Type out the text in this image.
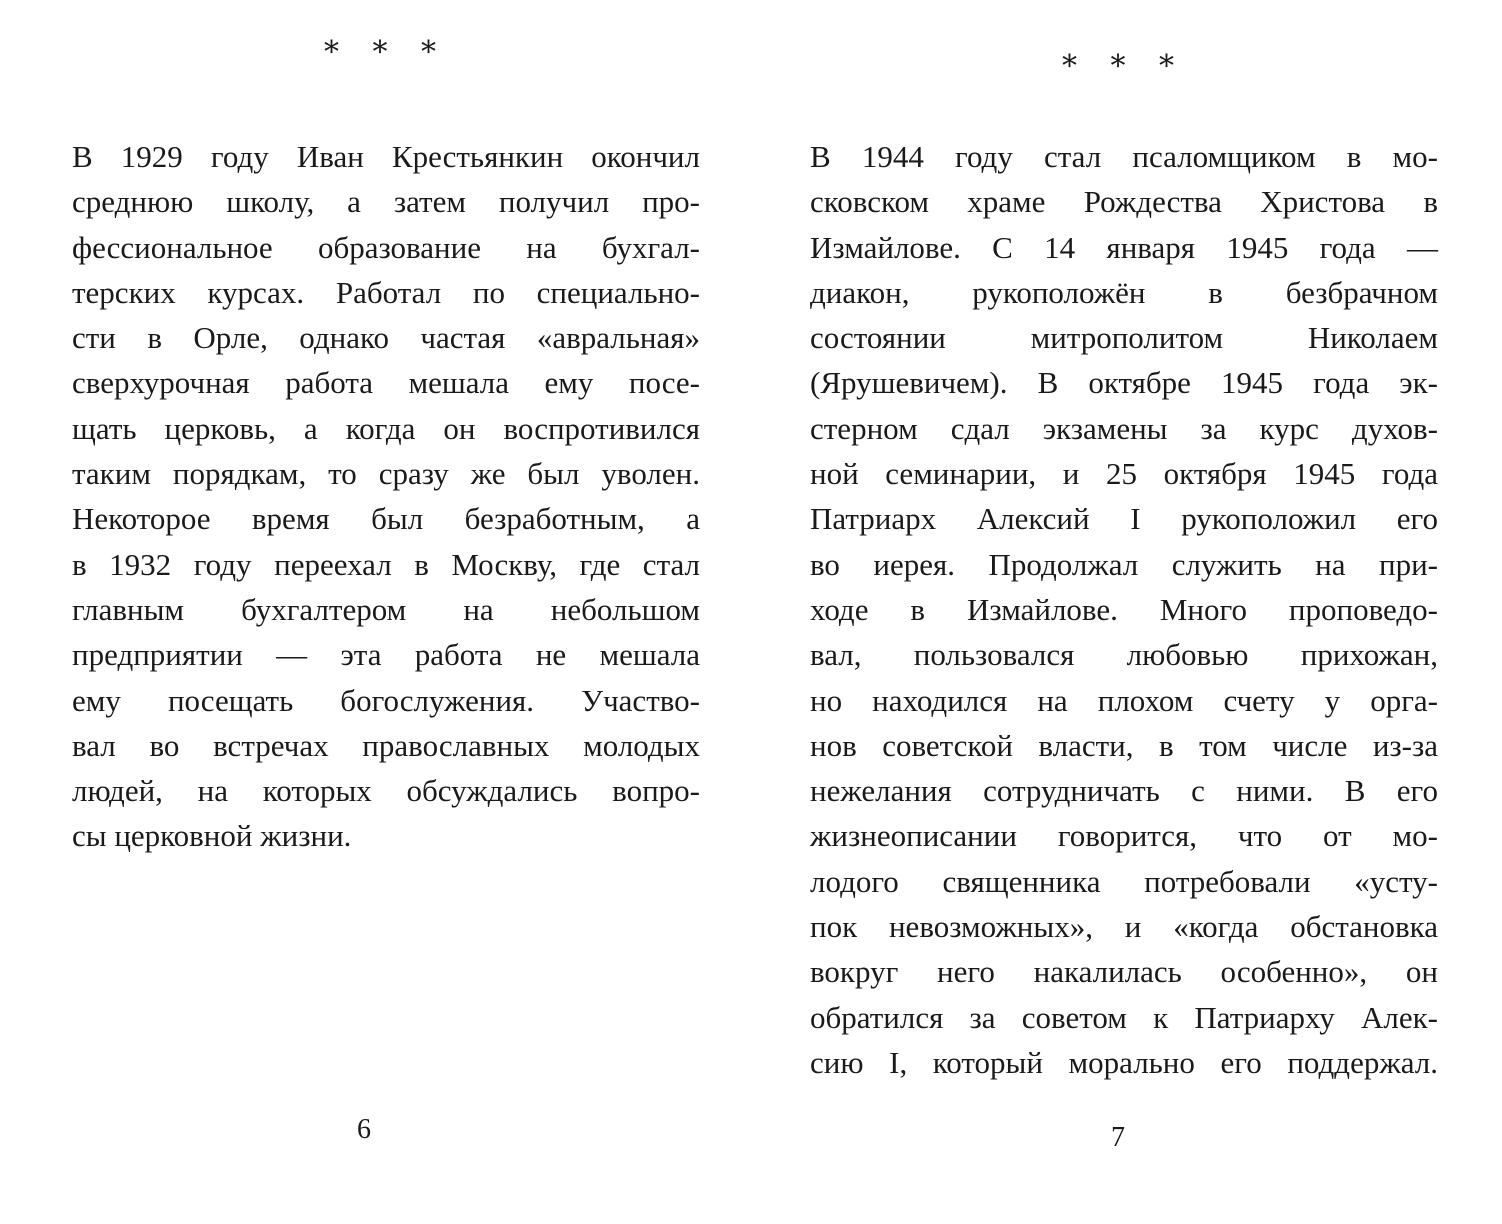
* * *
В 1929 году Иван Крестьянкин окончил
среднюю школу, а затем получил про-
фессиональное образование на бухгал-
терских курсах. Работал по специально-
сти в Орле, однако частая «авральная»
сверхурочная работа мешала ему посе-
щать церковь, а когда он воспротивился
таким порядкам, то сразу же был уволен.
Некоторое время был безработным, а
в 1932 году переехал в Москву, где стал
главным бухгалтером на небольшом
предприятии — эта работа не мешала
ему посещать богослужения. Участво-
вал во встречах православных молодых
людей, на которых обсуждались вопро-
сы церковной жизни.
6
* * *
В 1944 году стал псаломщиком в мо-
сковском храме Рождества Христова в
Измайлове. С 14 января 1945 года —
диакон, рукоположён в безбрачном
состоянии митрополитом Николаем
(Ярушевичем). В октябре 1945 года эк-
стерном сдал экзамены за курс духов-
ной семинарии, и 25 октября 1945 года
Патриарх Алексий I рукоположил его
во иерея. Продолжал служить на при-
ходе в Измайлове. Много проповедо-
вал, пользовался любовью прихожан,
но находился на плохом счету у орга-
нов советской власти, в том числе из-за
нежелания сотрудничать с ними. В его
жизнеописании говорится, что от мо-
лодого священника потребовали «усту-
пок невозможных», и «когда обстановка
вокруг него накалилась особенно», он
обратился за советом к Патриарху Алек-
сию I, который морально его поддержал.
7
